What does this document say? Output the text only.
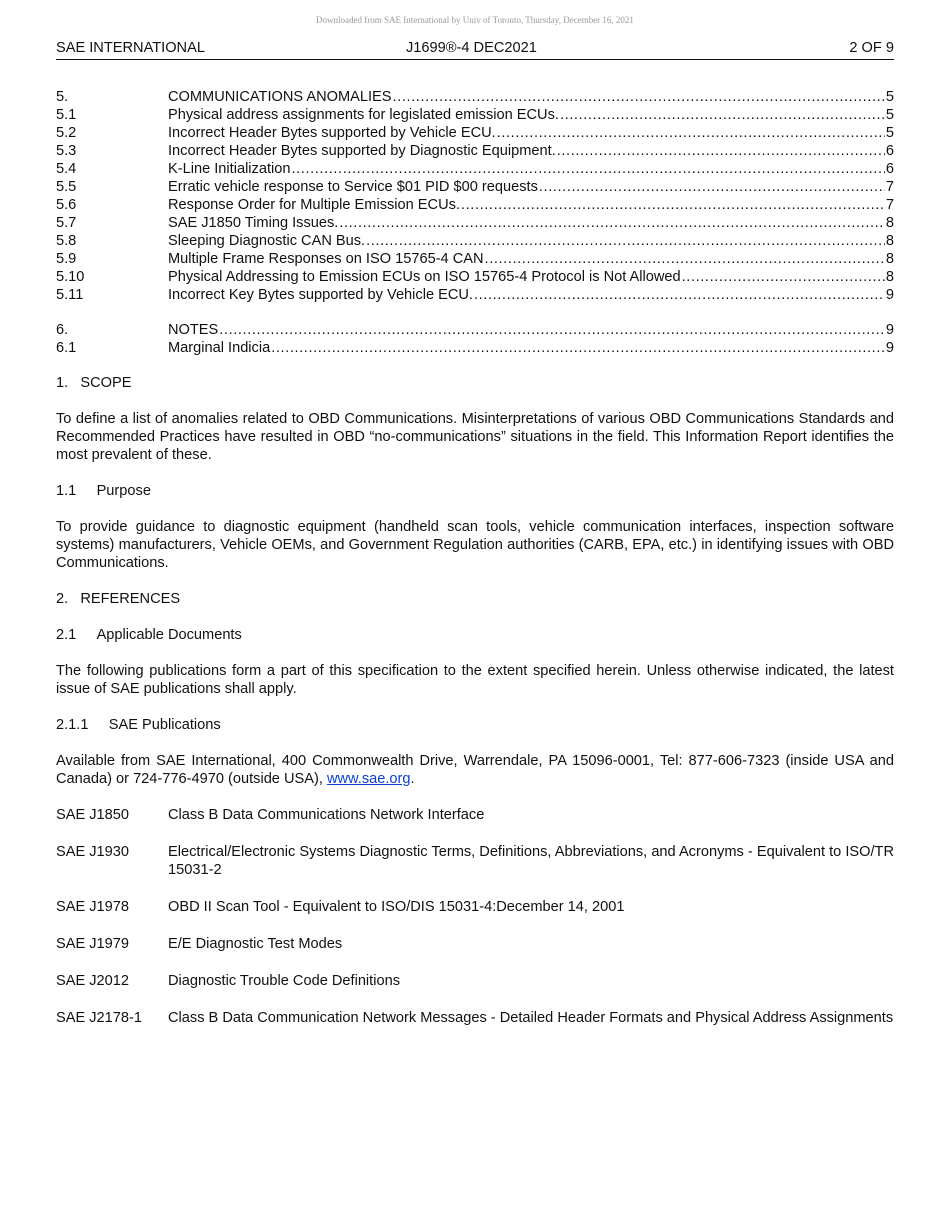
Downloaded from SAE International by Univ of Toronto, Thursday, December 16, 2021
SAE INTERNATIONAL	J1699®-4 DEC2021	2 OF 9
5.	COMMUNICATIONS ANOMALIES .....	5
5.1	Physical address assignments for legislated emission ECUs. .....	5
5.2	Incorrect Header Bytes supported by Vehicle ECU. .....	5
5.3	Incorrect Header Bytes supported by Diagnostic Equipment. .....	6
5.4	K-Line Initialization .....	6
5.5	Erratic vehicle response to Service $01 PID $00 requests .....	7
5.6	Response Order for Multiple Emission ECUs. .....	7
5.7	SAE J1850 Timing Issues. .....	8
5.8	Sleeping Diagnostic CAN Bus. .....	8
5.9	Multiple Frame Responses on ISO 15765-4 CAN .....	8
5.10	Physical Addressing to Emission ECUs on ISO 15765-4 Protocol is Not Allowed .....	8
5.11	Incorrect Key Bytes supported by Vehicle ECU. .....	9
6.	NOTES .....	9
6.1	Marginal Indicia .....	9
1. SCOPE

To define a list of anomalies related to OBD Communications. Misinterpretations of various OBD Communications Standards and Recommended Practices have resulted in OBD “no-communications” situations in the field. This Information Report identifies the most prevalent of these.

1.1 Purpose

To provide guidance to diagnostic equipment (handheld scan tools, vehicle communication interfaces, inspection software systems) manufacturers, Vehicle OEMs, and Government Regulation authorities (CARB, EPA, etc.) in identifying issues with OBD Communications.

2. REFERENCES
2.1 Applicable Documents

The following publications form a part of this specification to the extent specified herein. Unless otherwise indicated, the latest issue of SAE publications shall apply.

2.1.1 SAE Publications

Available from SAE International, 400 Commonwealth Drive, Warrendale, PA 15096-0001, Tel: 877-606-7323 (inside USA and Canada) or 724-776-4970 (outside USA), www.sae.org.

SAE J1850	Class B Data Communications Network Interface
SAE J1930	Electrical/Electronic Systems Diagnostic Terms, Definitions, Abbreviations, and Acronyms - Equivalent to ISO/TR 15031-2
SAE J1978	OBD II Scan Tool - Equivalent to ISO/DIS 15031-4:December 14, 2001
SAE J1979	E/E Diagnostic Test Modes
SAE J2012	Diagnostic Trouble Code Definitions
SAE J2178-1	Class B Data Communication Network Messages - Detailed Header Formats and Physical Address Assignments
